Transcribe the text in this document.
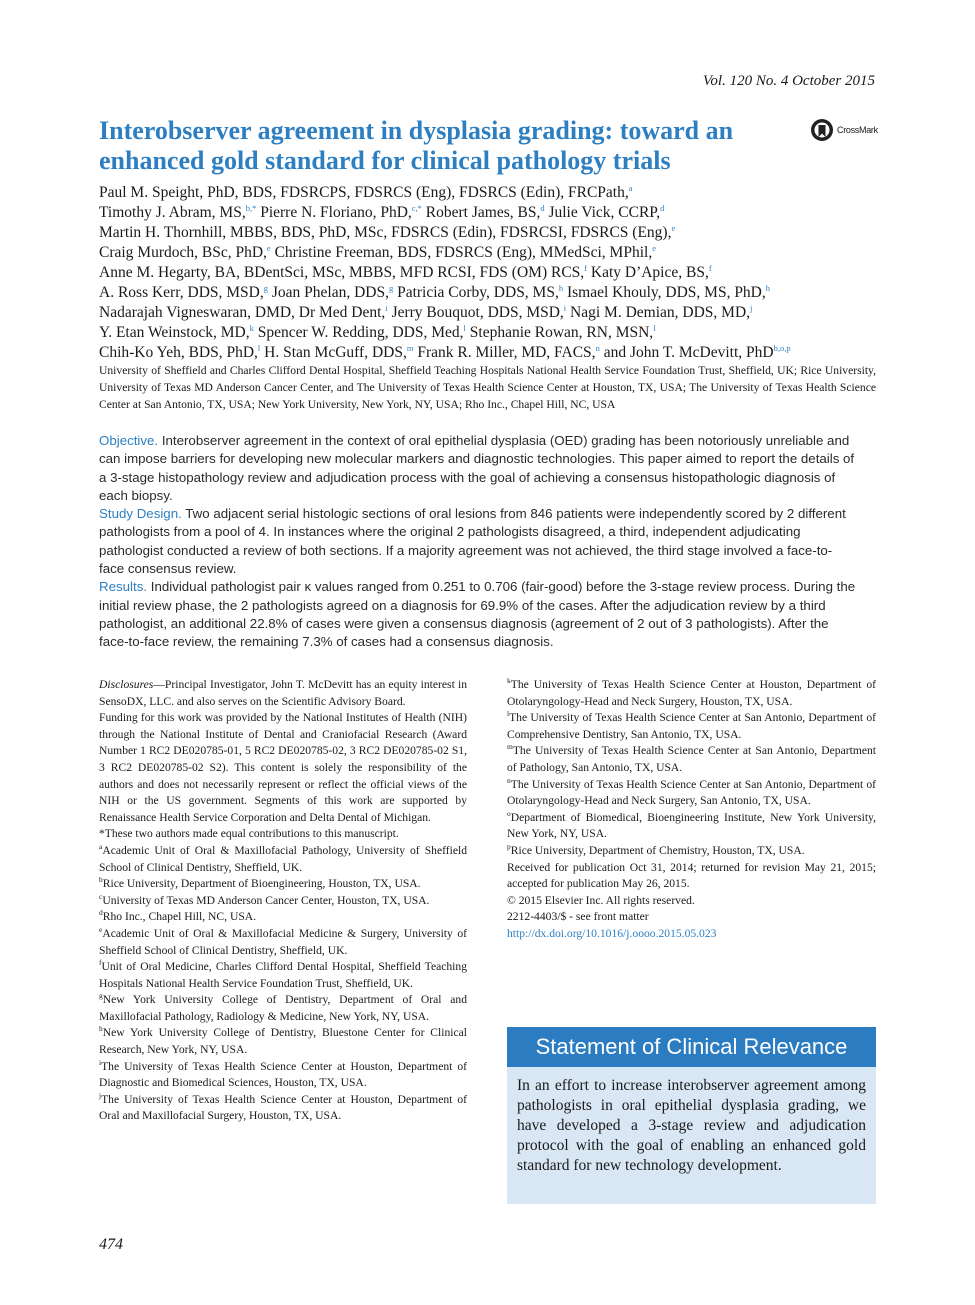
Vol. 120 No. 4 October 2015
Interobserver agreement in dysplasia grading: toward an enhanced gold standard for clinical pathology trials
CrossMark
Paul M. Speight, PhD, BDS, FDSRCPS, FDSRCS (Eng), FDSRCS (Edin), FRCPath,$^a$
Timothy J. Abram, MS,$^{b,*}$ Pierre N. Floriano, PhD,$^{c,*}$ Robert James, BS,$^d$ Julie Vick, CCRP,$^d$
Martin H. Thornhill, MBBS, BDS, PhD, MSc, FDSRCS (Edin), FDSRCSI, FDSRCS (Eng),$^e$
Craig Murdoch, BSc, PhD,$^e$ Christine Freeman, BDS, FDSRCS (Eng), MMedSci, MPhil,$^e$
Anne M. Hegarty, BA, BDentSci, MSc, MBBS, MFD RCSI, FDS (OM) RCS,$^f$ Katy D’Apice, BS,$^f$
A. Ross Kerr, DDS, MSD,$^g$ Joan Phelan, DDS,$^g$ Patricia Corby, DDS, MS,$^h$ Ismael Khouly, DDS, MS, PhD,$^h$
Nadarajah Vigneswaran, DMD, Dr Med Dent,$^i$ Jerry Bouquot, DDS, MSD,$^i$ Nagi M. Demian, DDS, MD,$^j$
Y. Etan Weinstock, MD,$^k$ Spencer W. Redding, DDS, Med,$^l$ Stephanie Rowan, RN, MSN,$^l$
Chih-Ko Yeh, BDS, PhD,$^l$ H. Stan McGuff, DDS,$^m$ Frank R. Miller, MD, FACS,$^n$ and John T. McDevitt, PhD$^{b,o,p}$
University of Sheffield and Charles Clifford Dental Hospital, Sheffield Teaching Hospitals National Health Service Foundation Trust, Sheffield, UK; Rice University, University of Texas MD Anderson Cancer Center, and The University of Texas Health Science Center at Houston, TX, USA; The University of Texas Health Science Center at San Antonio, TX, USA; New York University, New York, NY, USA; Rho Inc., Chapel Hill, NC, USA

Objective. Interobserver agreement in the context of oral epithelial dysplasia (OED) grading has been notoriously unreliable and can impose barriers for developing new molecular markers and diagnostic technologies. This paper aimed to report the details of a 3-stage histopathology review and adjudication process with the goal of achieving a consensus histopathologic diagnosis of each biopsy.

Study Design. Two adjacent serial histologic sections of oral lesions from 846 patients were independently scored by 2 different pathologists from a pool of 4. In instances where the original 2 pathologists disagreed, a third, independent adjudicating pathologist conducted a review of both sections. If a majority agreement was not achieved, the third stage involved a face-to-face consensus review.

Results. Individual pathologist pair κ values ranged from 0.251 to 0.706 (fair-good) before the 3-stage review process. During the initial review phase, the 2 pathologists agreed on a diagnosis for 69.9% of the cases. After the adjudication review by a third pathologist, an additional 22.8% of cases were given a consensus diagnosis (agreement of 2 out of 3 pathologists). After the face-to-face review, the remaining 7.3% of cases had a consensus diagnosis.

Disclosures—Principal Investigator, John T. McDevitt has an equity interest in SensoDX, LLC. and also serves on the Scientific Advisory Board.

Funding for this work was provided by the National Institutes of Health (NIH) through the National Institute of Dental and Craniofacial Research (Award Number 1 RC2 DE020785-01, 5 RC2 DE020785-02, 3 RC2 DE020785-02 S1, 3 RC2 DE020785-02 S2). This content is solely the responsibility of the authors and does not necessarily represent or reflect the official views of the NIH or the US government. Segments of this work are supported by Renaissance Health Service Corporation and Delta Dental of Michigan.

*These two authors made equal contributions to this manuscript.

$^a$Academic Unit of Oral & Maxillofacial Pathology, University of Sheffield School of Clinical Dentistry, Sheffield, UK.

$^b$Rice University, Department of Bioengineering, Houston, TX, USA.

$^c$University of Texas MD Anderson Cancer Center, Houston, TX, USA.

$^d$Rho Inc., Chapel Hill, NC, USA.

$^e$Academic Unit of Oral & Maxillofacial Medicine & Surgery, University of Sheffield School of Clinical Dentistry, Sheffield, UK.

$^f$Unit of Oral Medicine, Charles Clifford Dental Hospital, Sheffield Teaching Hospitals National Health Service Foundation Trust, Sheffield, UK.

$^g$New York University College of Dentistry, Department of Oral and Maxillofacial Pathology, Radiology & Medicine, New York, NY, USA.

$^h$New York University College of Dentistry, Bluestone Center for Clinical Research, New York, NY, USA.

$^i$The University of Texas Health Science Center at Houston, Department of Diagnostic and Biomedical Sciences, Houston, TX, USA.

$^j$The University of Texas Health Science Center at Houston, Department of Oral and Maxillofacial Surgery, Houston, TX, USA.

$^k$The University of Texas Health Science Center at Houston, Department of Otolaryngology-Head and Neck Surgery, Houston, TX, USA.

$^l$The University of Texas Health Science Center at San Antonio, Department of Comprehensive Dentistry, San Antonio, TX, USA.

$^m$The University of Texas Health Science Center at San Antonio, Department of Pathology, San Antonio, TX, USA.

$^n$The University of Texas Health Science Center at San Antonio, Department of Otolaryngology-Head and Neck Surgery, San Antonio, TX, USA.

$^o$Department of Biomedical, Bioengineering Institute, New York University, New York, NY, USA.

$^p$Rice University, Department of Chemistry, Houston, TX, USA.

Received for publication Oct 31, 2014; returned for revision May 21, 2015; accepted for publication May 26, 2015.

© 2015 Elsevier Inc. All rights reserved.

2212-4403/$ - see front matter

http://dx.doi.org/10.1016/j.oooo.2015.05.023

Statement of Clinical Relevance
In an effort to increase interobserver agreement among pathologists in oral epithelial dysplasia grading, we have developed a 3-stage review and adjudication protocol with the goal of enabling an enhanced gold standard for new technology development.
474
